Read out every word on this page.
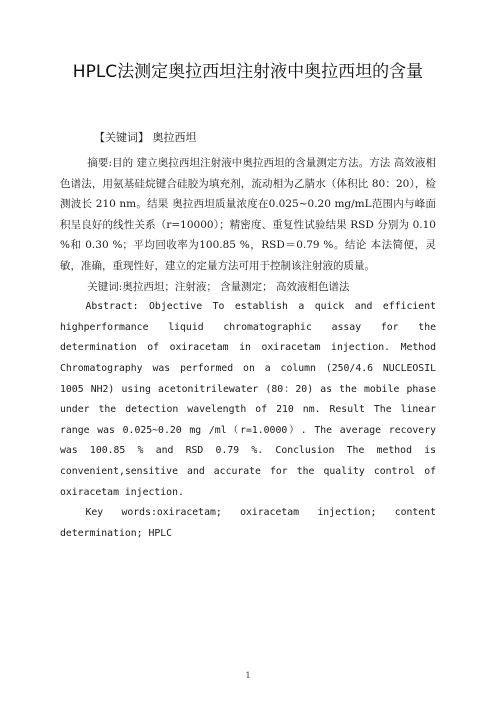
HPLC法测定奥拉西坦注射液中奥拉西坦的含量
【关键词】 奥拉西坦

摘要:目的 建立奥拉西坦注射液中奥拉西坦的含量测定方法。方法 高效液相色谱法，用氨基硅烷键合硅胶为填充剂，流动相为乙腈水（体积比 80：20），检测波长 210 nm。结果 奥拉西坦质量浓度在0.025~0.20 mg/mL范围内与峰面积呈良好的线性关系（r=10000）；精密度、重复性试验结果 RSD 分别为 0.10 %和 0.30 %；平均回收率为100.85 %，RSD＝0.79 %。结论 本法简便，灵敏，准确，重现性好，建立的定量方法可用于控制该注射液的质量。

关键词:奥拉西坦；注射液； 含量测定； 高效液相色谱法

Abstract: Objective To establish a quick and efficient highperformance liquid chromatographic assay for the determination of oxiracetam in oxiracetam injection. Method Chromatography was performed on a column (250/4.6 NUCLEOSIL 1005 NH2) using acetonitrilewater (80：20) as the mobile phase under the detection wavelength of 210 nm. Result The linear range was 0.025~0.20 mg /ml（r=1.0000）. The average recovery was 100.85 % and RSD 0.79 %. Conclusion The method is convenient,sensitive and accurate for the quality control of oxiracetam injection.

Key words:oxiracetam; oxiracetam injection; content determination; HPLC

1
